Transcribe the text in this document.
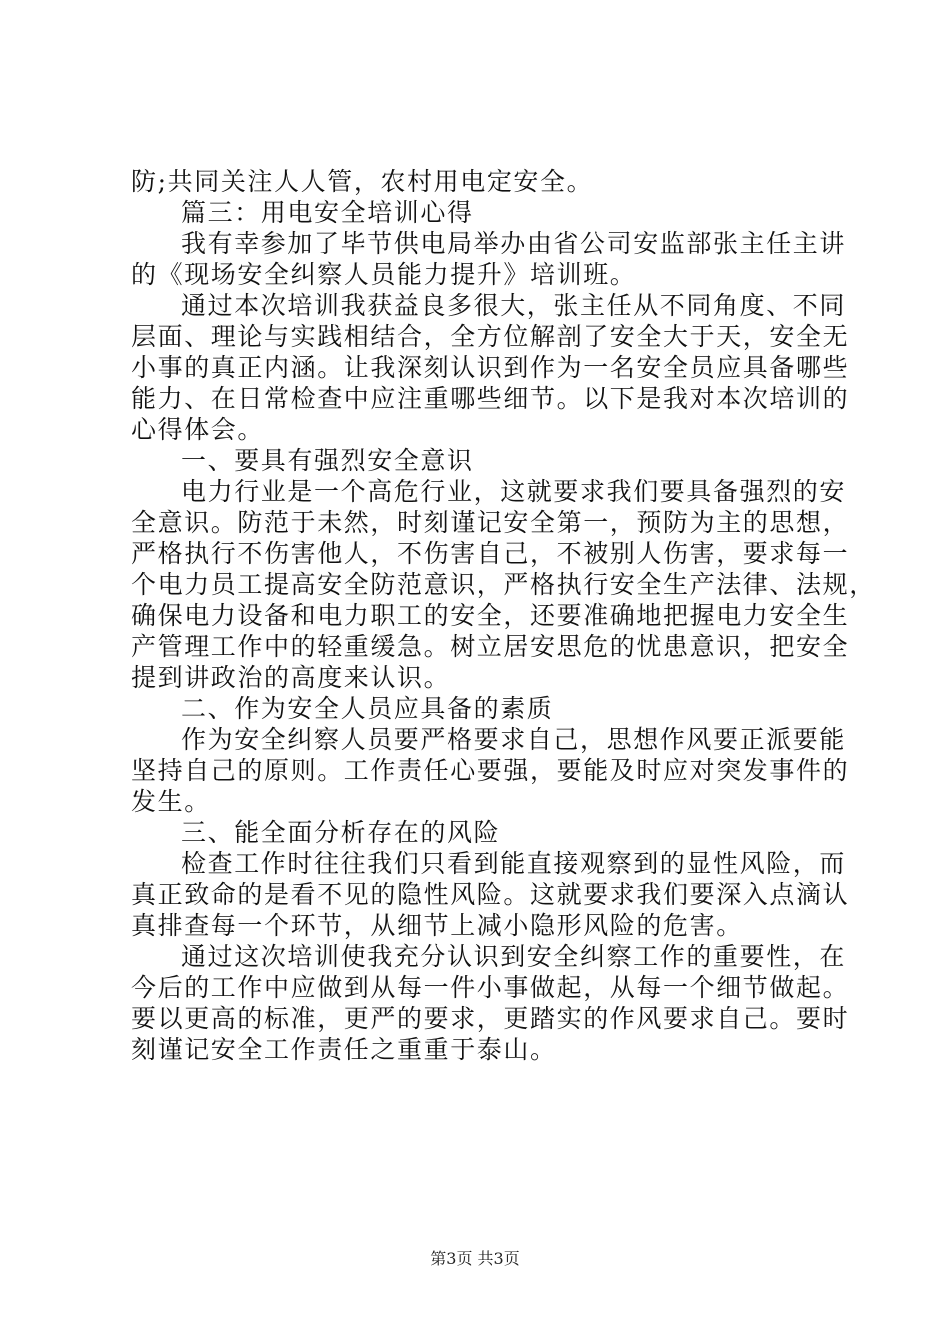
防;共同关注人人管，农村用电定安全。
篇三：用电安全培训心得
我有幸参加了毕节供电局举办由省公司安监部张主任主讲
的《现场安全纠察人员能力提升》培训班。
通过本次培训我获益良多很大，张主任从不同角度、不同
层面、理论与实践相结合，全方位解剖了安全大于天，安全无
小事的真正内涵。让我深刻认识到作为一名安全员应具备哪些
能力、在日常检查中应注重哪些细节。以下是我对本次培训的
心得体会。
一、要具有强烈安全意识
电力行业是一个高危行业，这就要求我们要具备强烈的安
全意识。防范于未然，时刻谨记安全第一，预防为主的思想，
严格执行不伤害他人，不伤害自己，不被别人伤害，要求每一
个电力员工提高安全防范意识，严格执行安全生产法律、法规，
确保电力设备和电力职工的安全，还要准确地把握电力安全生
产管理工作中的轻重缓急。树立居安思危的忧患意识，把安全
提到讲政治的高度来认识。
二、作为安全人员应具备的素质
作为安全纠察人员要严格要求自己，思想作风要正派要能
坚持自己的原则。工作责任心要强，要能及时应对突发事件的
发生。
三、能全面分析存在的风险
检查工作时往往我们只看到能直接观察到的显性风险，而
真正致命的是看不见的隐性风险。这就要求我们要深入点滴认
真排查每一个环节，从细节上减小隐形风险的危害。
通过这次培训使我充分认识到安全纠察工作的重要性，在
今后的工作中应做到从每一件小事做起，从每一个细节做起。
要以更高的标准，更严的要求，更踏实的作风要求自己。要时
刻谨记安全工作责任之重重于泰山。
第3页 共3页
